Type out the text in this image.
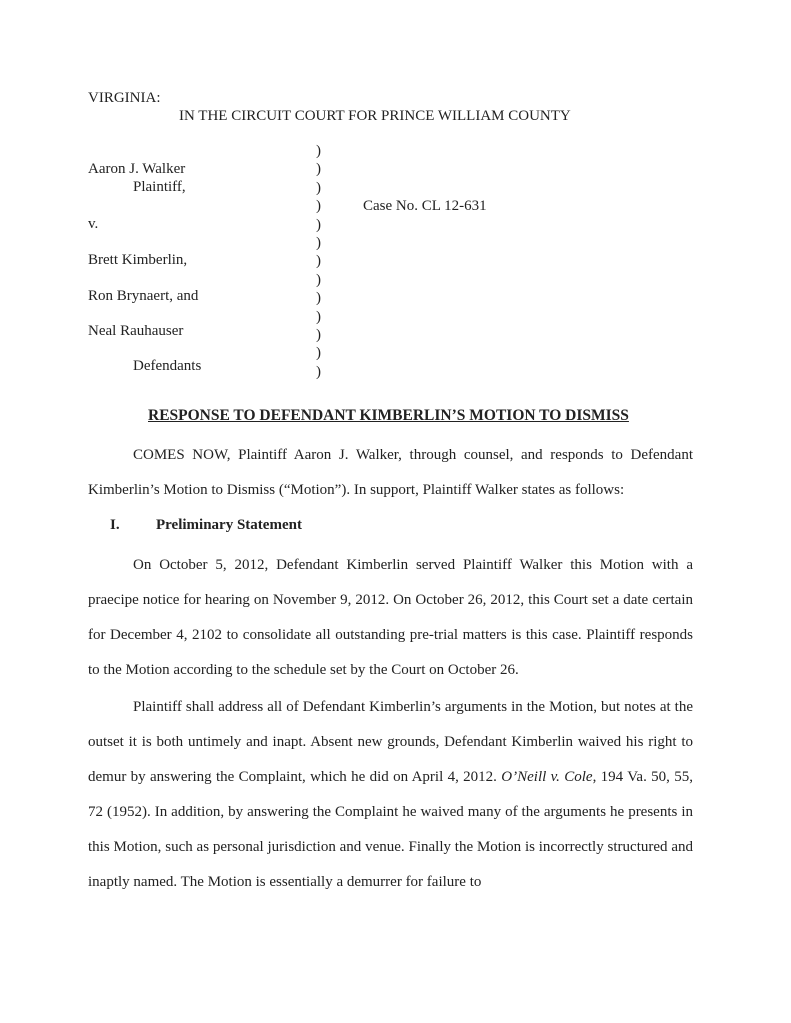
VIRGINIA:
IN THE CIRCUIT COURT FOR PRINCE WILLIAM COUNTY
Aaron J. Walker
Plaintiff,
v.
Brett Kimberlin,
Ron Brynaert, and
Neal Rauhauser
Defendants
Case No. CL 12-631
)
)
)
)
)
)
)
)
)
)
)
)
)
RESPONSE TO DEFENDANT KIMBERLIN’S MOTION TO DISMISS
COMES NOW, Plaintiff Aaron J. Walker, through counsel, and responds to Defendant Kimberlin’s Motion to Dismiss (“Motion”). In support, Plaintiff Walker states as follows:
I. Preliminary Statement
On October 5, 2012, Defendant Kimberlin served Plaintiff Walker this Motion with a praecipe notice for hearing on November 9, 2012. On October 26, 2012, this Court set a date certain for December 4, 2102 to consolidate all outstanding pre-trial matters is this case. Plaintiff responds to the Motion according to the schedule set by the Court on October 26.
Plaintiff shall address all of Defendant Kimberlin’s arguments in the Motion, but notes at the outset it is both untimely and inapt. Absent new grounds, Defendant Kimberlin waived his right to demur by answering the Complaint, which he did on April 4, 2012. O’Neill v. Cole, 194 Va. 50, 55, 72 (1952). In addition, by answering the Complaint he waived many of the arguments he presents in this Motion, such as personal jurisdiction and venue. Finally the Motion is incorrectly structured and inaptly named. The Motion is essentially a demurrer for failure to
